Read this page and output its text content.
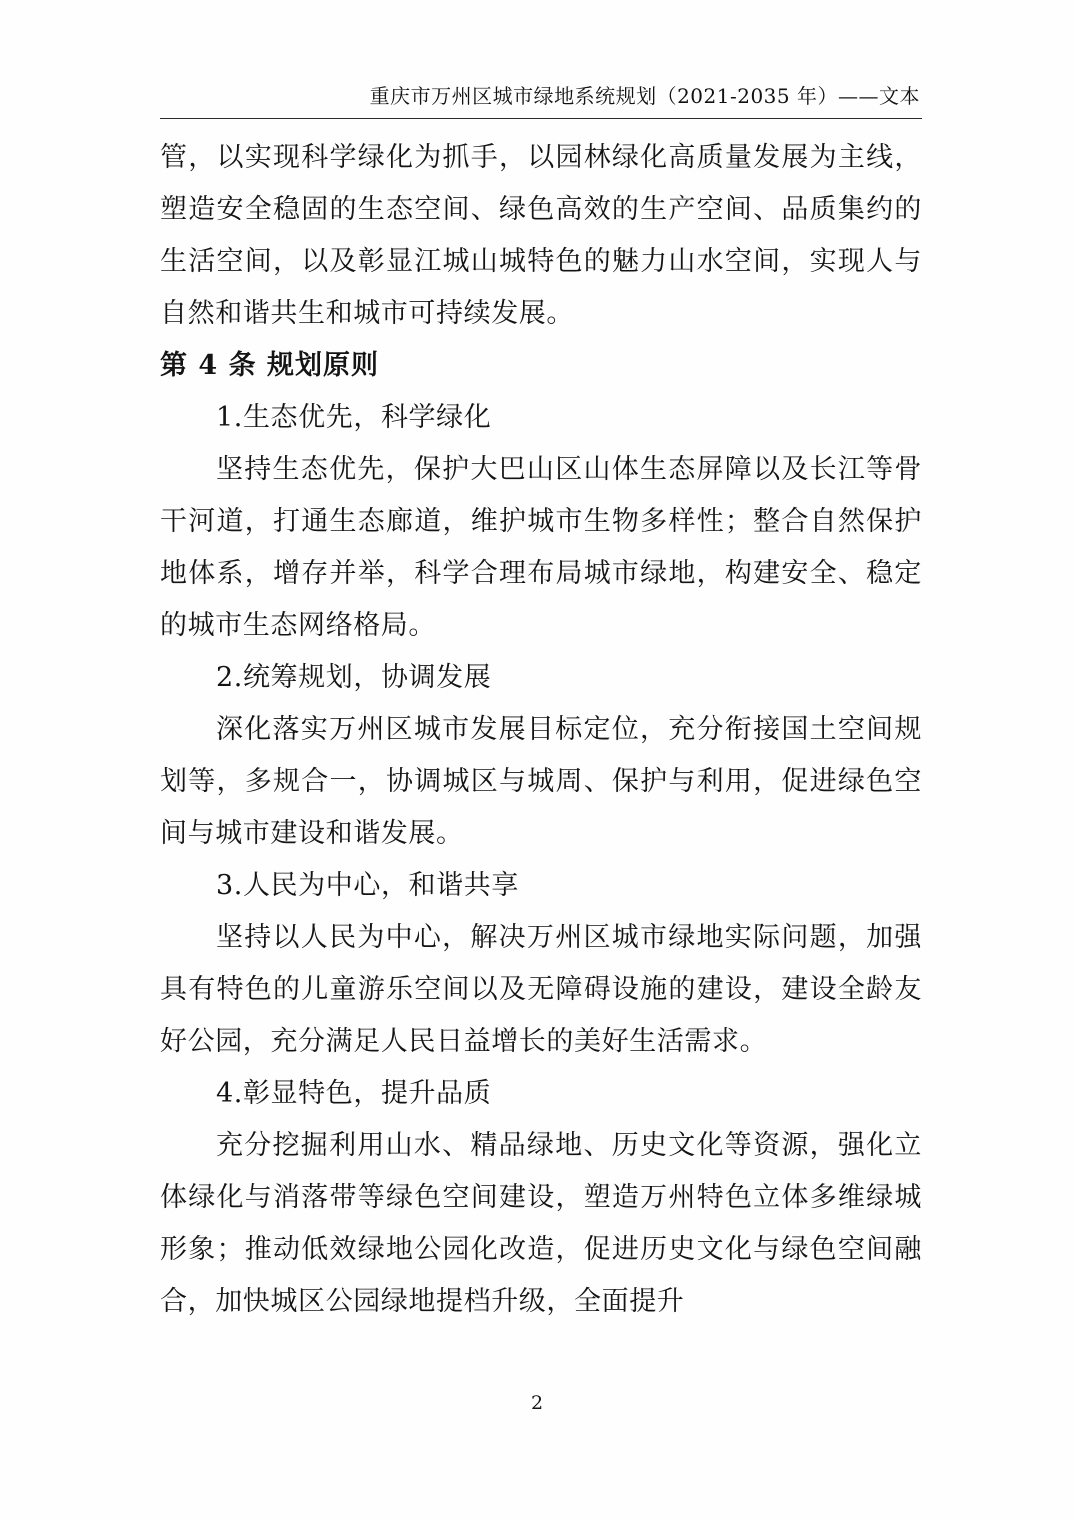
重庆市万州区城市绿地系统规划（2021-2035 年）——文本

管，以实现科学绿化为抓手，以园林绿化高质量发展为主线，塑造安全稳固的生态空间、绿色高效的生产空间、品质集约的生活空间，以及彰显江城山城特色的魅力山水空间，实现人与自然和谐共生和城市可持续发展。

第 4 条 规划原则

1.生态优先，科学绿化

坚持生态优先，保护大巴山区山体生态屏障以及长江等骨干河道，打通生态廊道，维护城市生物多样性；整合自然保护地体系，增存并举，科学合理布局城市绿地，构建安全、稳定的城市生态网络格局。

2.统筹规划，协调发展

深化落实万州区城市发展目标定位，充分衔接国土空间规划等，多规合一，协调城区与城周、保护与利用，促进绿色空间与城市建设和谐发展。

3.人民为中心，和谐共享

坚持以人民为中心，解决万州区城市绿地实际问题，加强具有特色的儿童游乐空间以及无障碍设施的建设，建设全龄友好公园，充分满足人民日益增长的美好生活需求。

4.彰显特色，提升品质

充分挖掘利用山水、精品绿地、历史文化等资源，强化立体绿化与消落带等绿色空间建设，塑造万州特色立体多维绿城形象；推动低效绿地公园化改造，促进历史文化与绿色空间融合，加快城区公园绿地提档升级，全面提升

2
